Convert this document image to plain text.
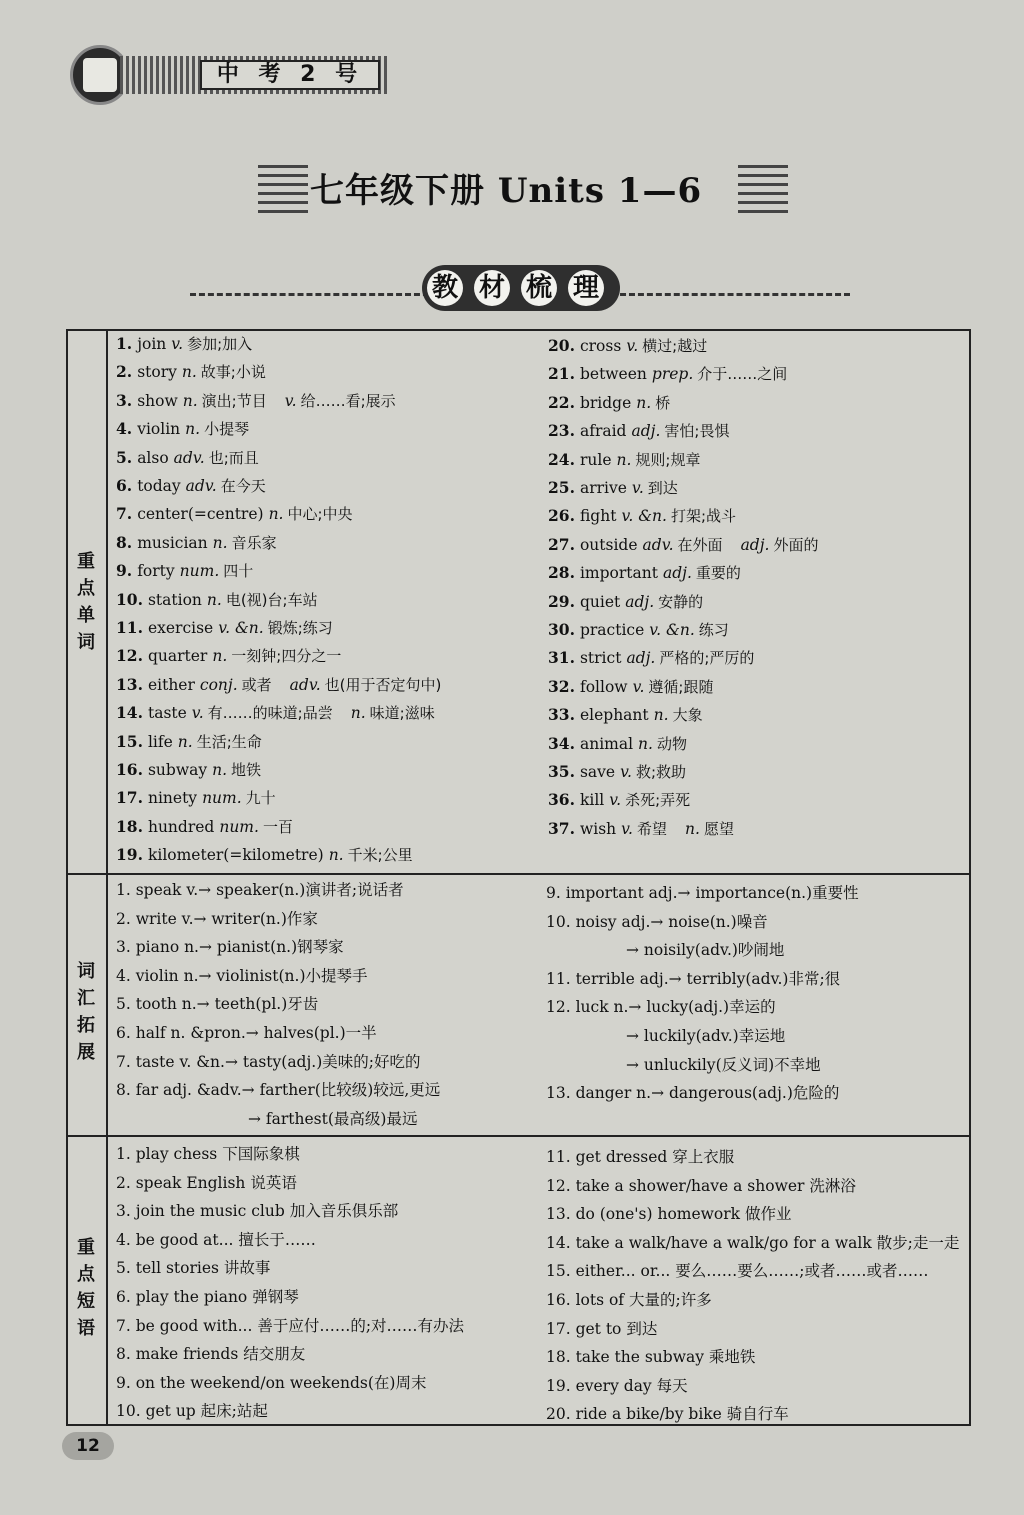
中 考 2 号
七年级下册 Units 1—6
教 材 梳 理
重
点
单
词
词
汇
拓
展
重
点
短
语
1. join v. 参加;加入
2. story n. 故事;小说
3. show n. 演出;节目 v. 给……看;展示
4. violin n. 小提琴
5. also adv. 也;而且
6. today adv. 在今天
7. center(=centre) n. 中心;中央
8. musician n. 音乐家
9. forty num. 四十
10. station n. 电(视)台;车站
11. exercise v. &n. 锻炼;练习
12. quarter n. 一刻钟;四分之一
13. either conj. 或者 adv. 也(用于否定句中)
14. taste v. 有……的味道;品尝 n. 味道;滋味
15. life n. 生活;生命
16. subway n. 地铁
17. ninety num. 九十
18. hundred num. 一百
19. kilometer(=kilometre) n. 千米;公里
20. cross v. 横过;越过
21. between prep. 介于……之间
22. bridge n. 桥
23. afraid adj. 害怕;畏惧
24. rule n. 规则;规章
25. arrive v. 到达
26. fight v. &n. 打架;战斗
27. outside adv. 在外面 adj. 外面的
28. important adj. 重要的
29. quiet adj. 安静的
30. practice v. &n. 练习
31. strict adj. 严格的;严厉的
32. follow v. 遵循;跟随
33. elephant n. 大象
34. animal n. 动物
35. save v. 救;救助
36. kill v. 杀死;弄死
37. wish v. 希望 n. 愿望
1. speak v.→ speaker(n.)演讲者;说话者
2. write v.→ writer(n.)作家
3. piano n.→ pianist(n.)钢琴家
4. violin n.→ violinist(n.)小提琴手
5. tooth n.→ teeth(pl.)牙齿
6. half n. &pron.→ halves(pl.)一半
7. taste v. &n.→ tasty(adj.)美味的;好吃的
8. far adj. &adv.→ farther(比较级)较远,更远
→ farthest(最高级)最远
9. important adj.→ importance(n.)重要性
10. noisy adj.→ noise(n.)噪音
→ noisily(adv.)吵闹地
11. terrible adj.→ terribly(adv.)非常;很
12. luck n.→ lucky(adj.)幸运的
→ luckily(adv.)幸运地
→ unluckily(反义词)不幸地
13. danger n.→ dangerous(adj.)危险的
1. play chess 下国际象棋
2. speak English 说英语
3. join the music club 加入音乐俱乐部
4. be good at... 擅长于……
5. tell stories 讲故事
6. play the piano 弹钢琴
7. be good with... 善于应付……的;对……有办法
8. make friends 结交朋友
9. on the weekend/on weekends(在)周末
10. get up 起床;站起
11. get dressed 穿上衣服
12. take a shower/have a shower 洗淋浴
13. do (one's) homework 做作业
14. take a walk/have a walk/go for a walk 散步;走一走
15. either... or... 要么……要么……;或者……或者……
16. lots of 大量的;许多
17. get to 到达
18. take the subway 乘地铁
19. every day 每天
20. ride a bike/by bike 骑自行车
12
